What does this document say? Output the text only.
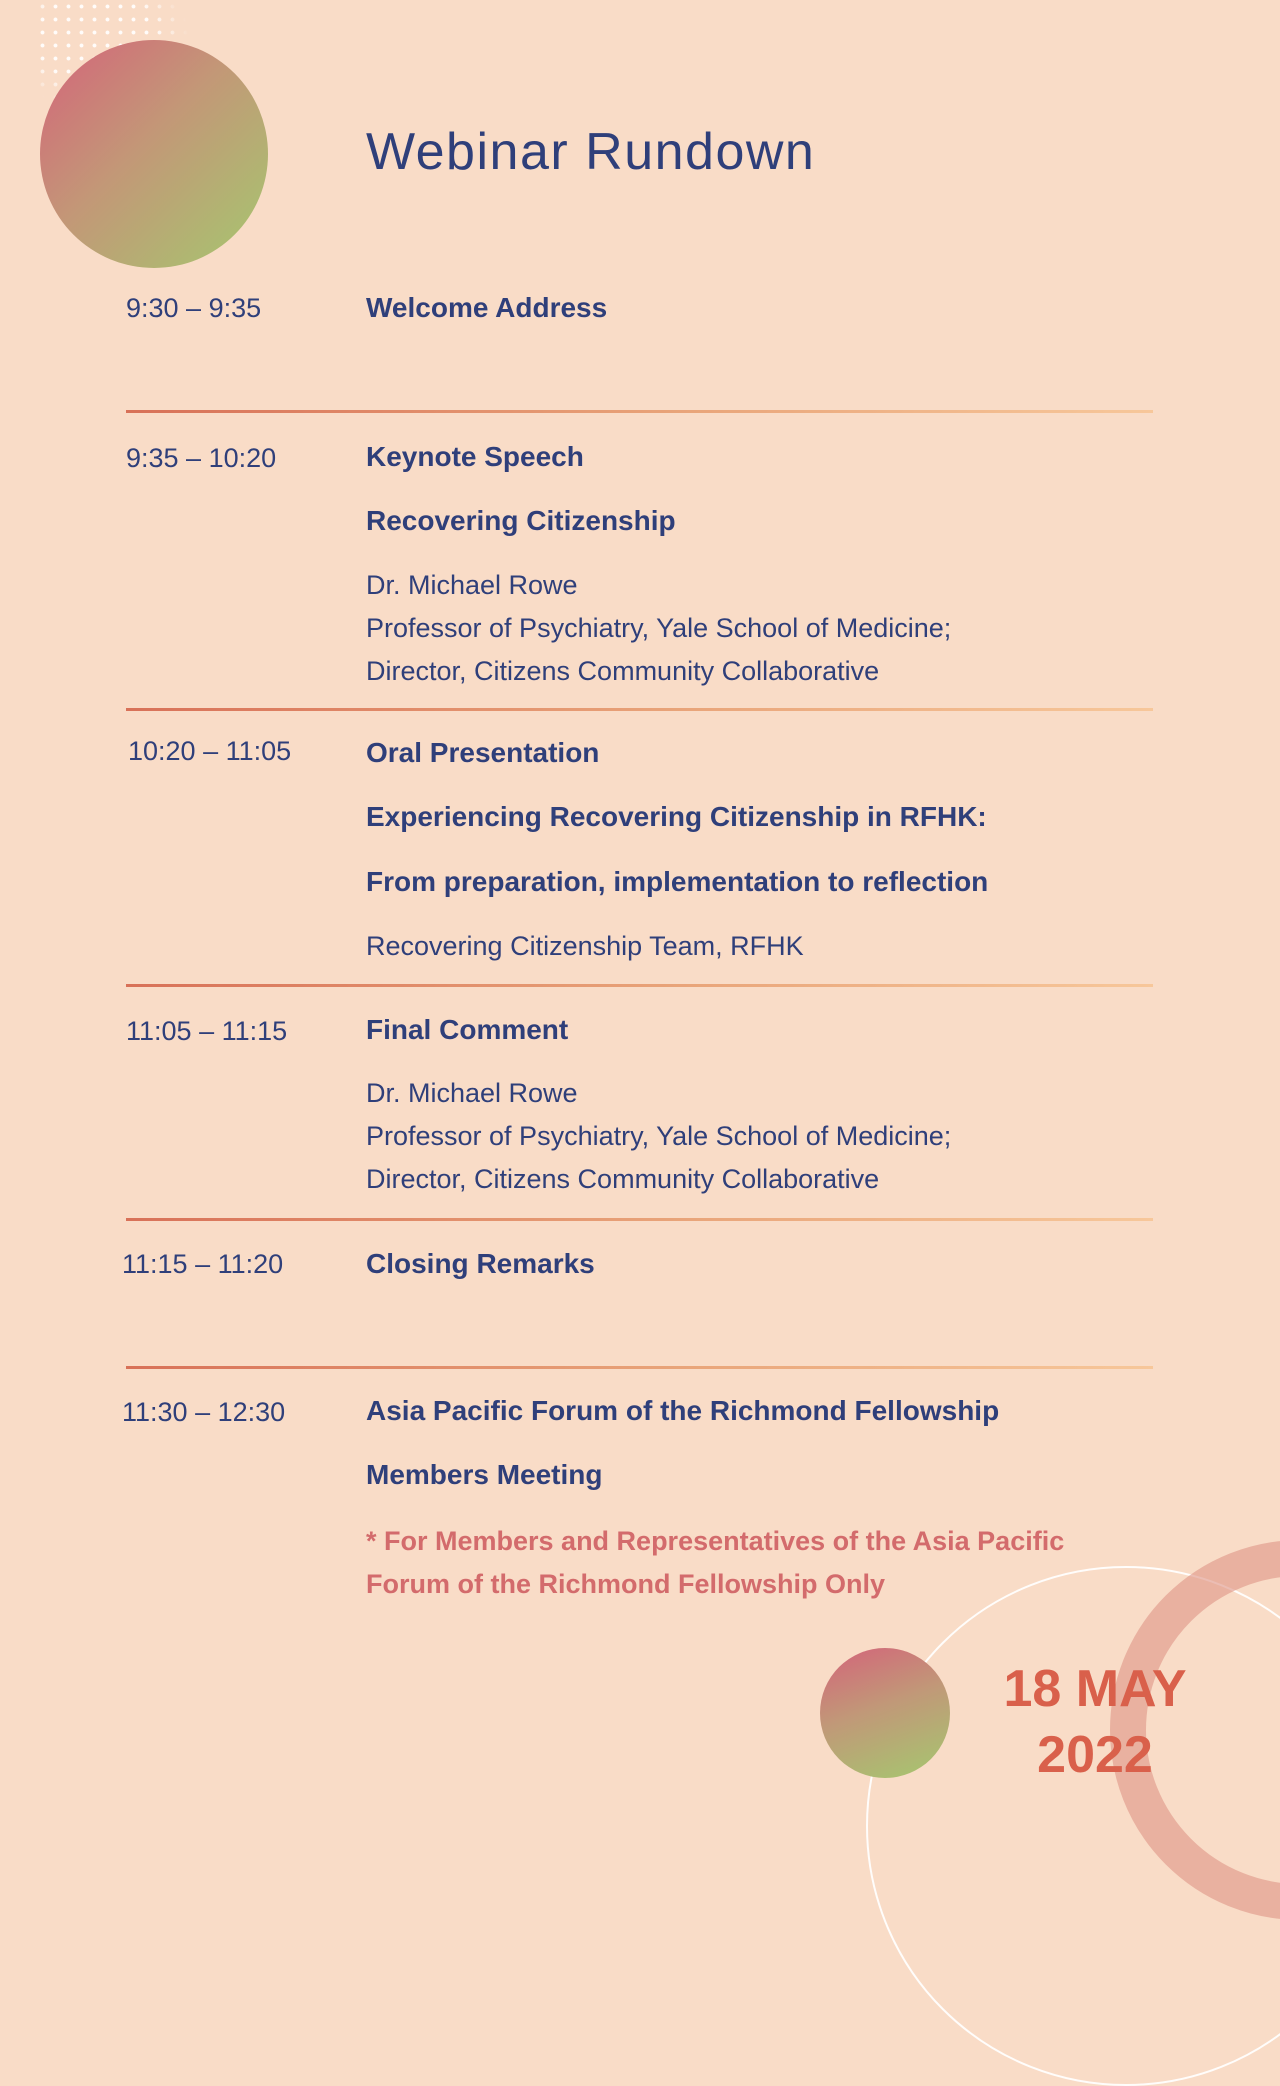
Webinar Rundown
9:30 – 9:35	Welcome Address
9:35 – 10:20	Keynote Speech
Recovering Citizenship
Dr. Michael Rowe
Professor of Psychiatry, Yale School of Medicine;
Director, Citizens Community Collaborative
10:20 – 11:05	Oral Presentation
Experiencing Recovering Citizenship in RFHK:
From preparation, implementation to reflection
Recovering Citizenship Team, RFHK
11:05 – 11:15	Final Comment
Dr. Michael Rowe
Professor of Psychiatry, Yale School of Medicine;
Director, Citizens Community Collaborative
11:15 – 11:20	Closing Remarks
11:30 – 12:30	Asia Pacific Forum of the Richmond Fellowship
Members Meeting
* For Members and Representatives of the Asia Pacific
Forum of the Richmond Fellowship Only
18 MAY
2022
